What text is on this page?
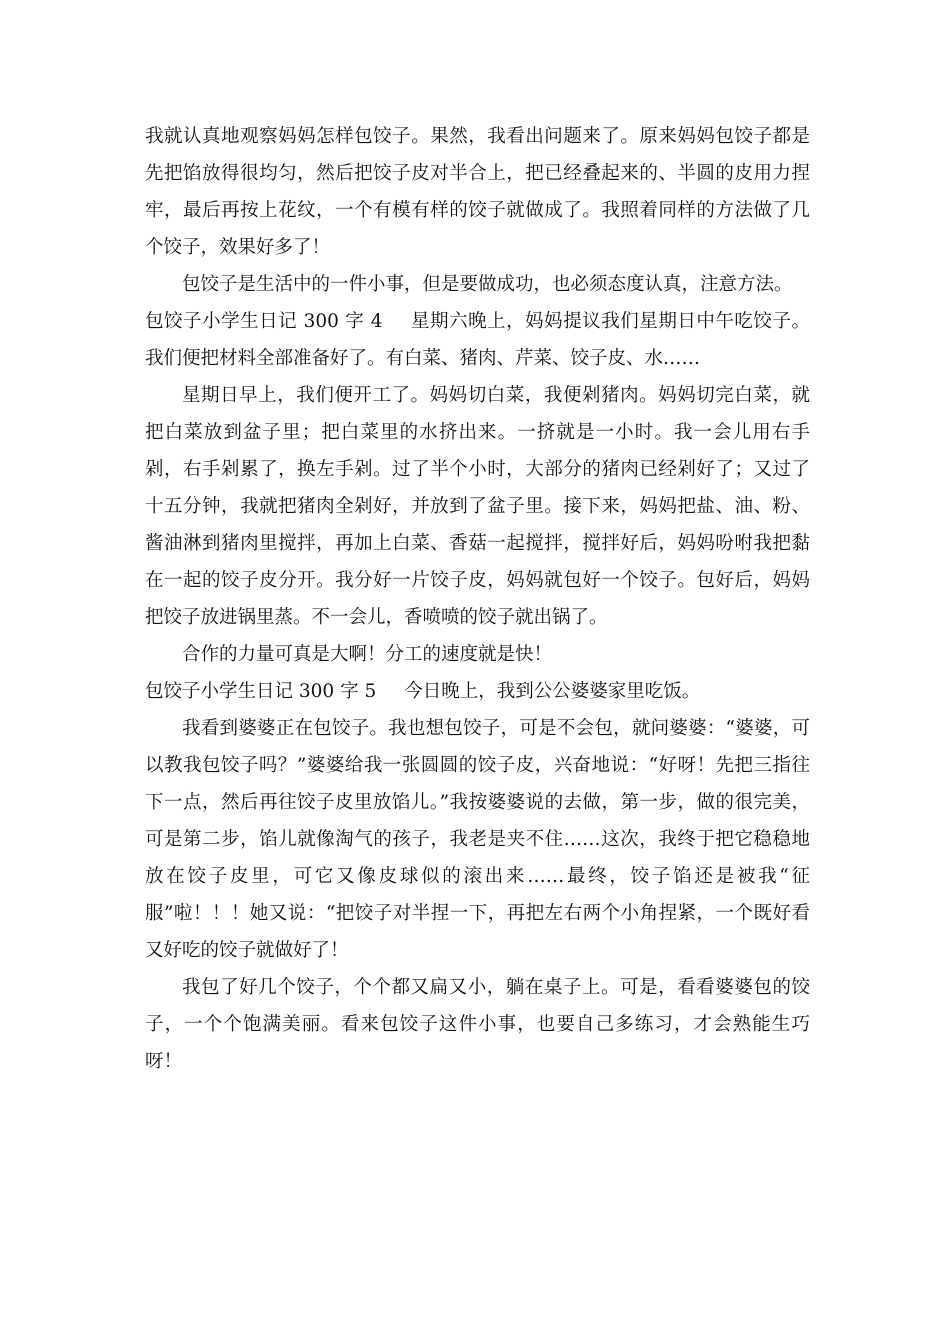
我就认真地观察妈妈怎样包饺子。果然，我看出问题来了。原来妈妈包饺子都是先把馅放得很均匀，然后把饺子皮对半合上，把已经叠起来的、半圆的皮用力捏牢，最后再按上花纹，一个有模有样的饺子就做成了。我照着同样的方法做了几个饺子，效果好多了！

包饺子是生活中的一件小事，但是要做成功，也必须态度认真，注意方法。

包饺子小学生日记 300 字 4 星期六晚上，妈妈提议我们星期日中午吃饺子。我们便把材料全部准备好了。有白菜、猪肉、芹菜、饺子皮、水……

星期日早上，我们便开工了。妈妈切白菜，我便剁猪肉。妈妈切完白菜，就把白菜放到盆子里；把白菜里的水挤出来。一挤就是一小时。我一会儿用右手剁，右手剁累了，换左手剁。过了半个小时，大部分的猪肉已经剁好了；又过了十五分钟，我就把猪肉全剁好，并放到了盆子里。接下来，妈妈把盐、油、粉、酱油淋到猪肉里搅拌，再加上白菜、香菇一起搅拌，搅拌好后，妈妈吩咐我把黏在一起的饺子皮分开。我分好一片饺子皮，妈妈就包好一个饺子。包好后，妈妈把饺子放进锅里蒸。不一会儿，香喷喷的饺子就出锅了。

合作的力量可真是大啊！分工的速度就是快！

包饺子小学生日记 300 字 5 今日晚上，我到公公婆婆家里吃饭。

我看到婆婆正在包饺子。我也想包饺子，可是不会包，就问婆婆：“婆婆，可以教我包饺子吗？”婆婆给我一张圆圆的饺子皮，兴奋地说：“好呀！先把三指往下一点，然后再往饺子皮里放馅儿。”我按婆婆说的去做，第一步，做的很完美，可是第二步，馅儿就像淘气的孩子，我老是夹不住……这次，我终于把它稳稳地放在饺子皮里，可它又像皮球似的滚出来……最终，饺子馅还是被我“征服”啦！！！她又说：“把饺子对半捏一下，再把左右两个小角捏紧，一个既好看又好吃的饺子就做好了！

我包了好几个饺子，个个都又扁又小，躺在桌子上。可是，看看婆婆包的饺子，一个个饱满美丽。看来包饺子这件小事，也要自己多练习，才会熟能生巧呀！
